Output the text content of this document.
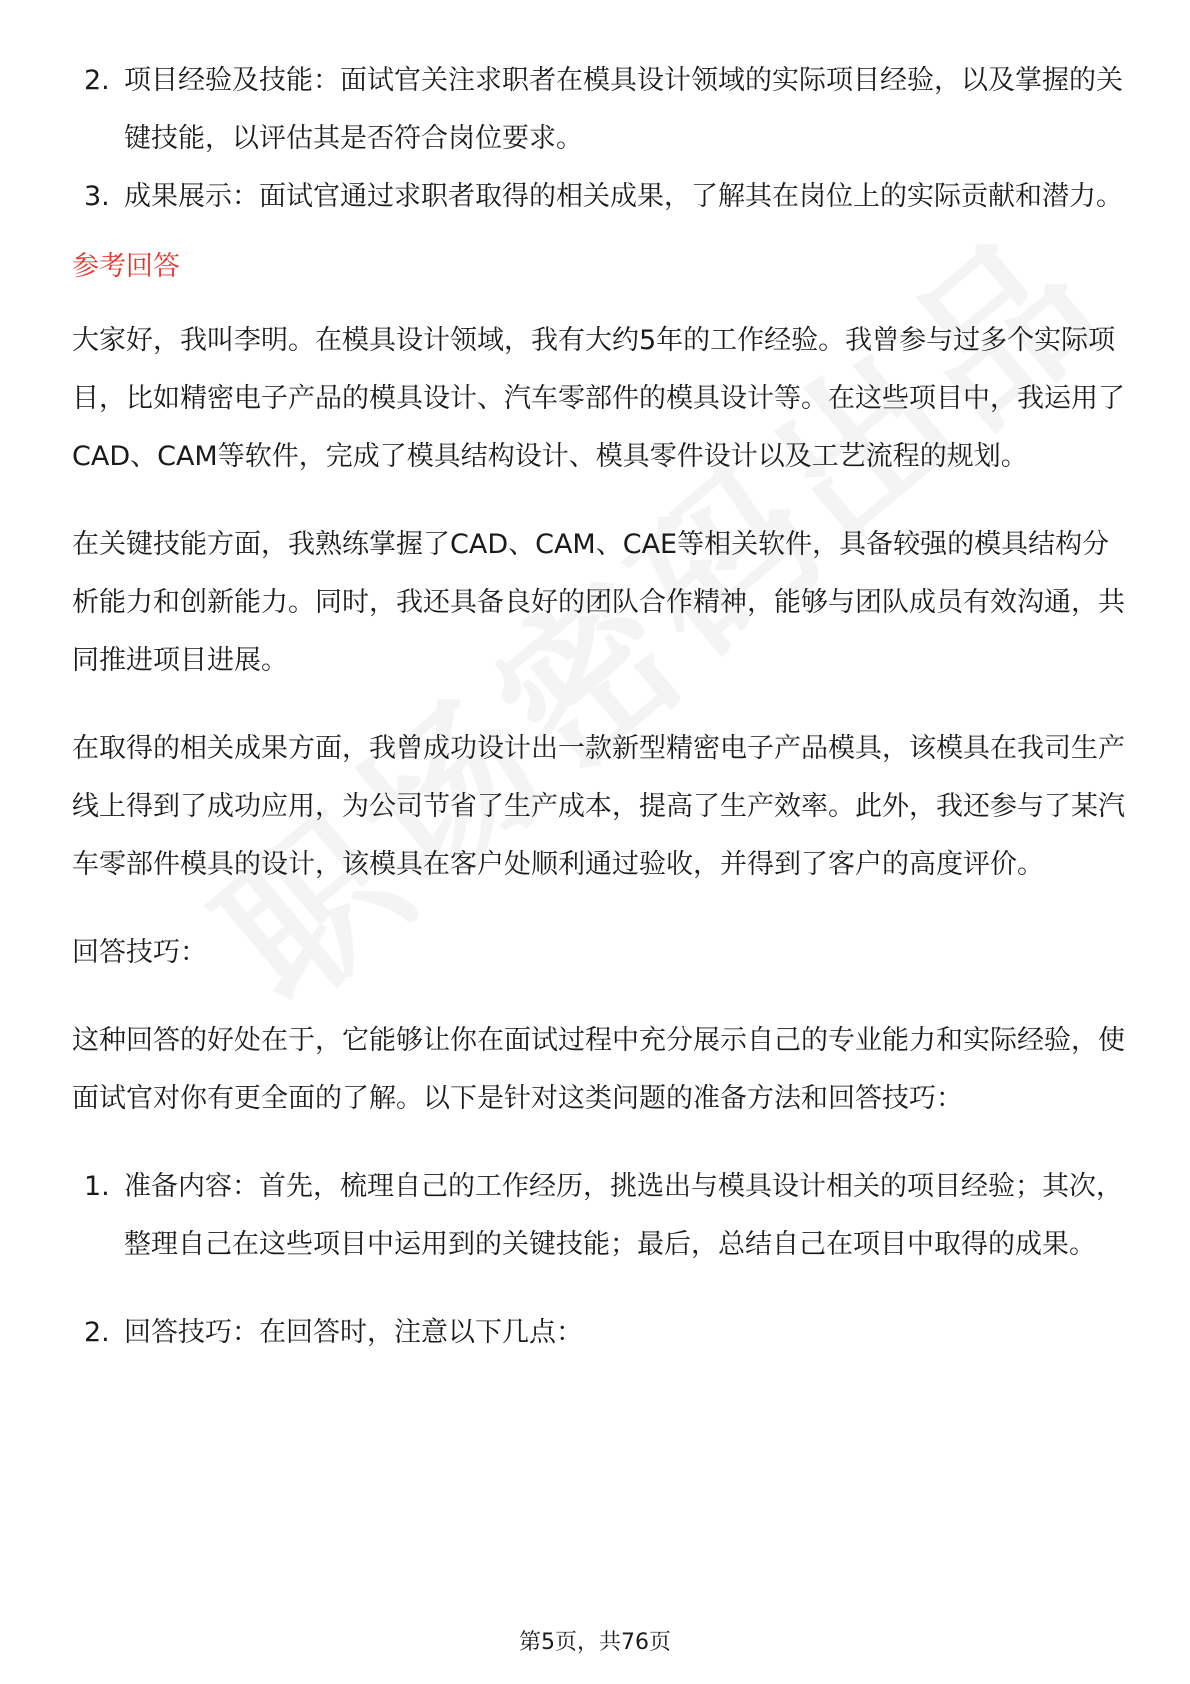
2. 项目经验及技能：面试官关注求职者在模具设计领域的实际项目经验，以及掌握的关键技能，以评估其是否符合岗位要求。
3. 成果展示：面试官通过求职者取得的相关成果，了解其在岗位上的实际贡献和潜力。
参考回答

大家好，我叫李明。在模具设计领域，我有大约5年的工作经验。我曾参与过多个实际项目，比如精密电子产品的模具设计、汽车零部件的模具设计等。在这些项目中，我运用了CAD、CAM等软件，完成了模具结构设计、模具零件设计以及工艺流程的规划。

在关键技能方面，我熟练掌握了CAD、CAM、CAE等相关软件，具备较强的模具结构分析能力和创新能力。同时，我还具备良好的团队合作精神，能够与团队成员有效沟通，共同推进项目进展。

在取得的相关成果方面，我曾成功设计出一款新型精密电子产品模具，该模具在我司生产线上得到了成功应用，为公司节省了生产成本，提高了生产效率。此外，我还参与了某汽车零部件模具的设计，该模具在客户处顺利通过验收，并得到了客户的高度评价。

回答技巧：

这种回答的好处在于，它能够让你在面试过程中充分展示自己的专业能力和实际经验，使面试官对你有更全面的了解。以下是针对这类问题的准备方法和回答技巧：

1. 准备内容：首先，梳理自己的工作经历，挑选出与模具设计相关的项目经验；其次，整理自己在这些项目中运用到的关键技能；最后，总结自己在项目中取得的成果。
2. 回答技巧：在回答时，注意以下几点：
第5页，共76页
